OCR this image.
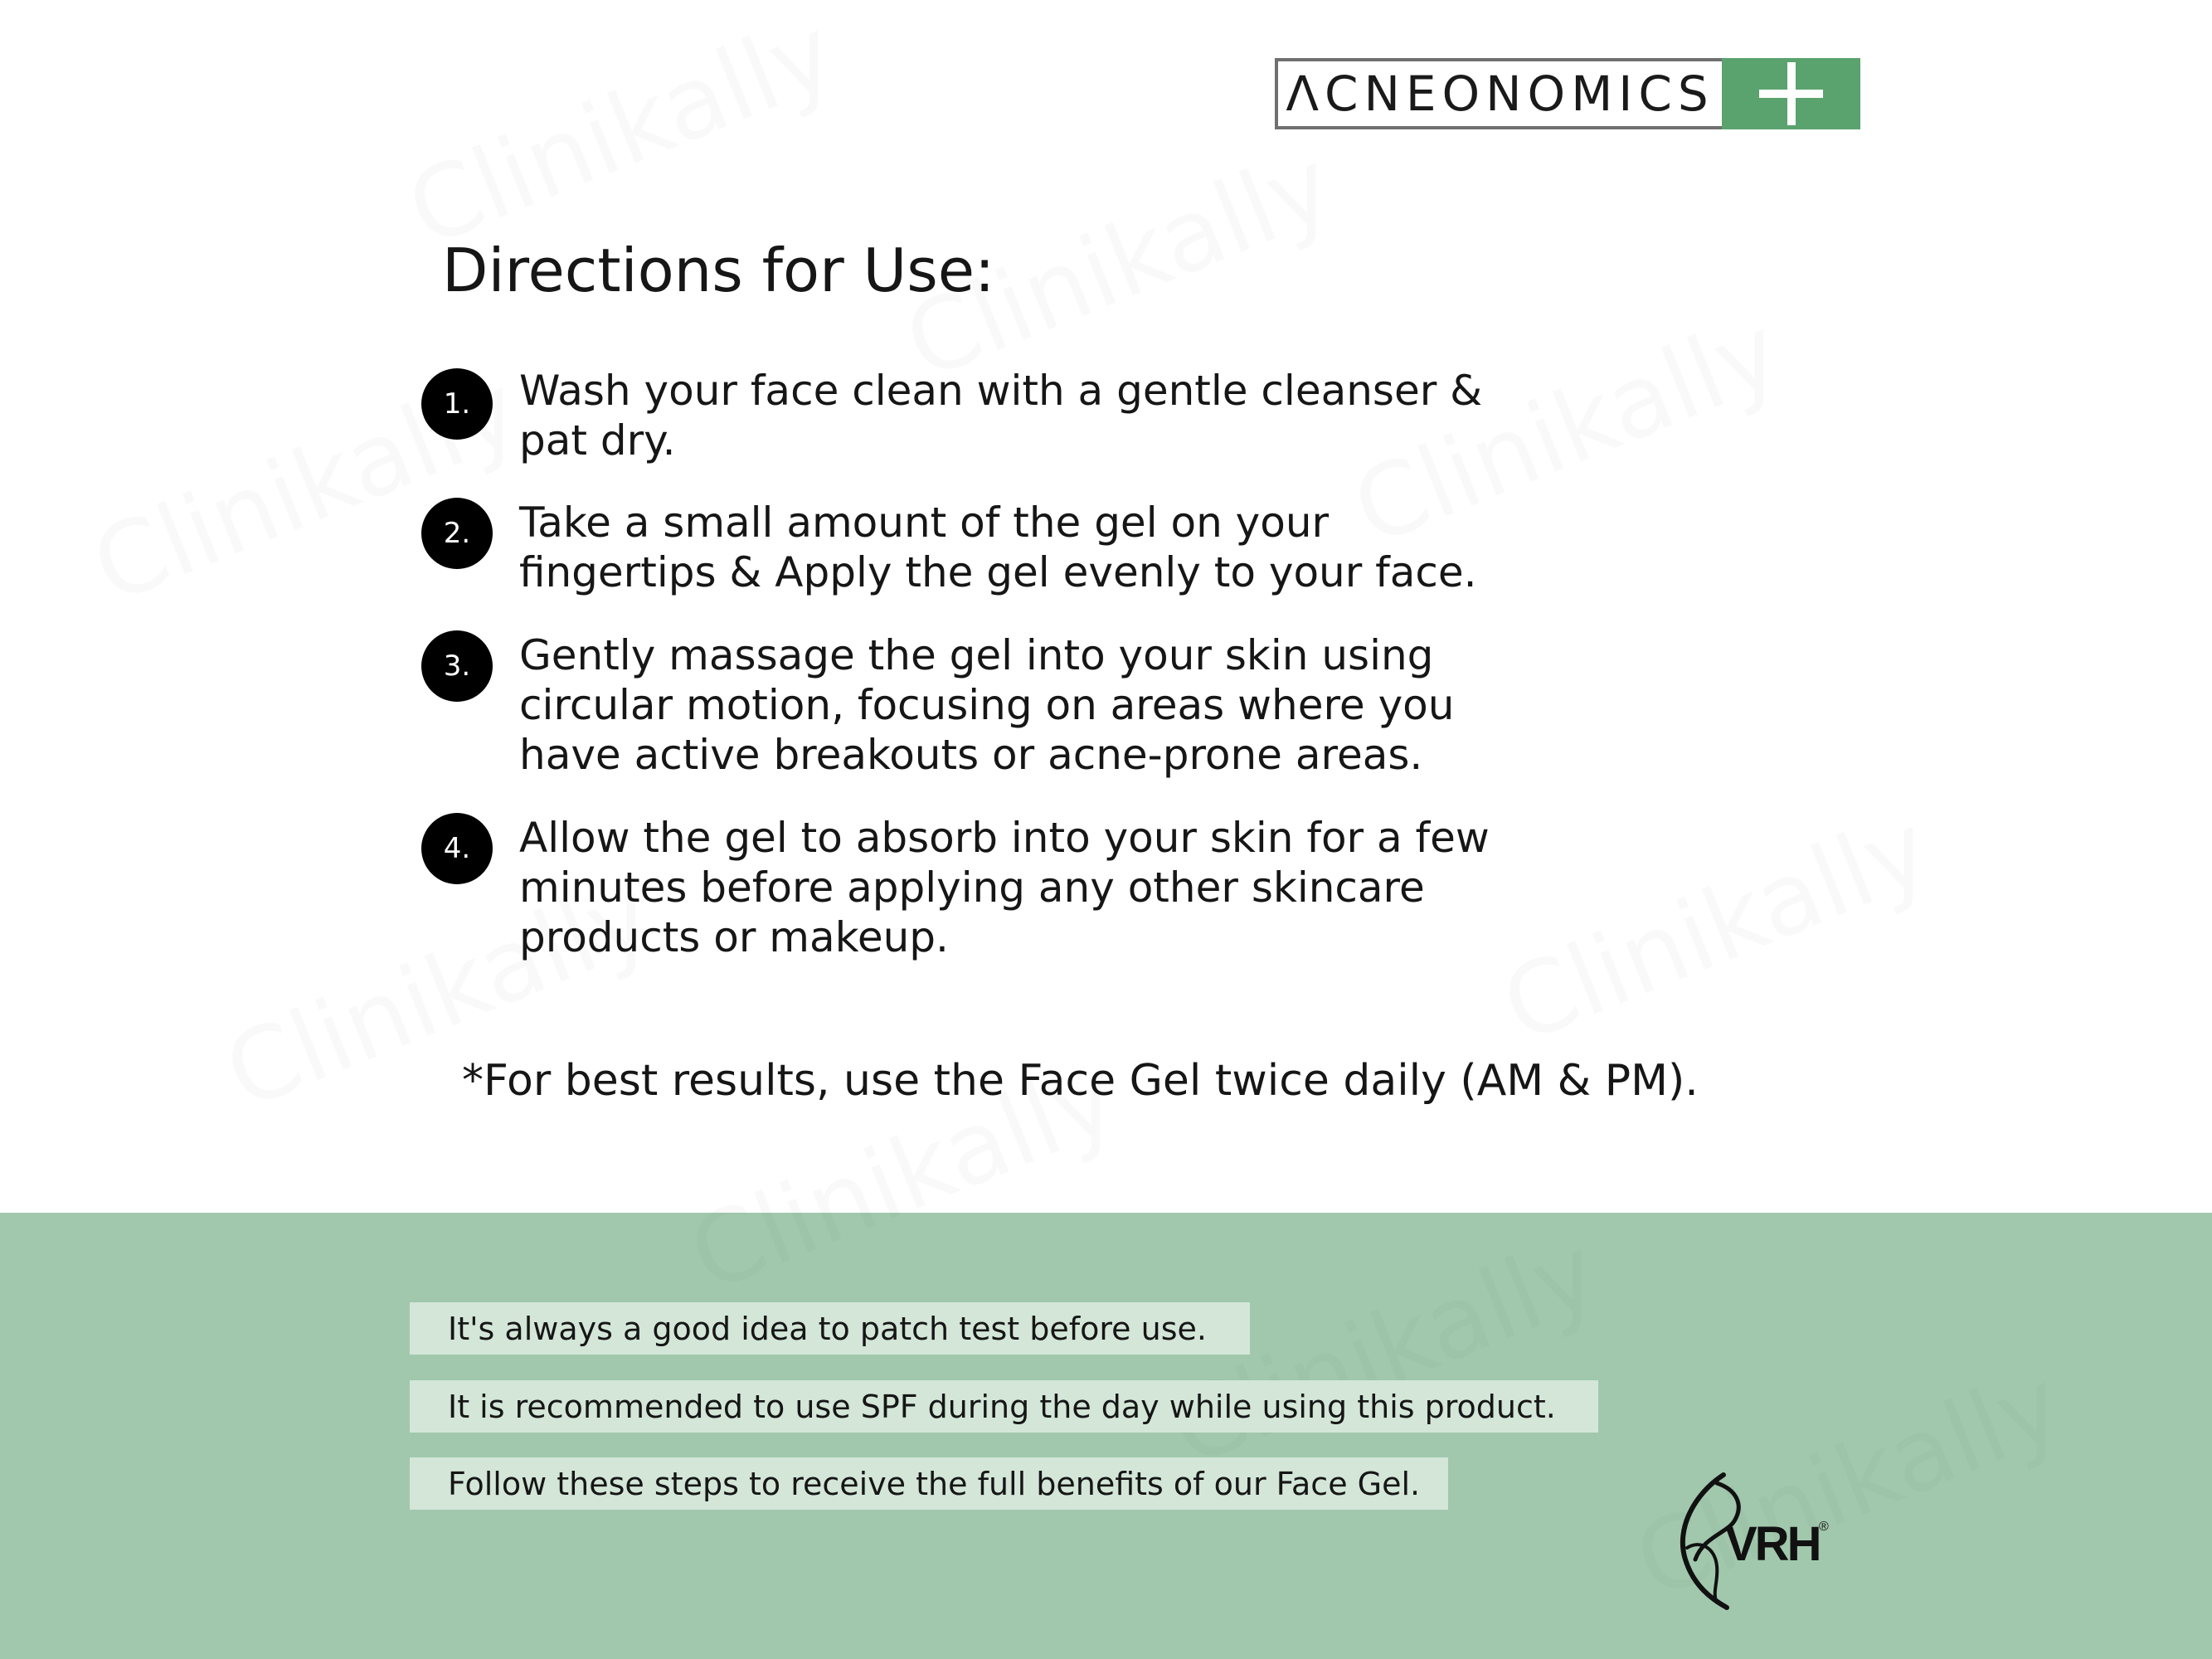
ΛCNEONOMICS
Directions for Use:
1.	Wash your face clean with a gentle cleanser & pat dry.
2.	Take a small amount of the gel on your fingertips & Apply the gel evenly to your face.
3.	Gently massage the gel into your skin using circular motion, focusing on areas where you have active breakouts or acne-prone areas.
4.	Allow the gel to absorb into your skin for a few minutes before applying any other skincare products or makeup.
*For best results, use the Face Gel twice daily (AM & PM).
It's always a good idea to patch test before use.
It is recommended to use SPF during the day while using this product.
Follow these steps to receive the full benefits of our Face Gel.
VRH ®
